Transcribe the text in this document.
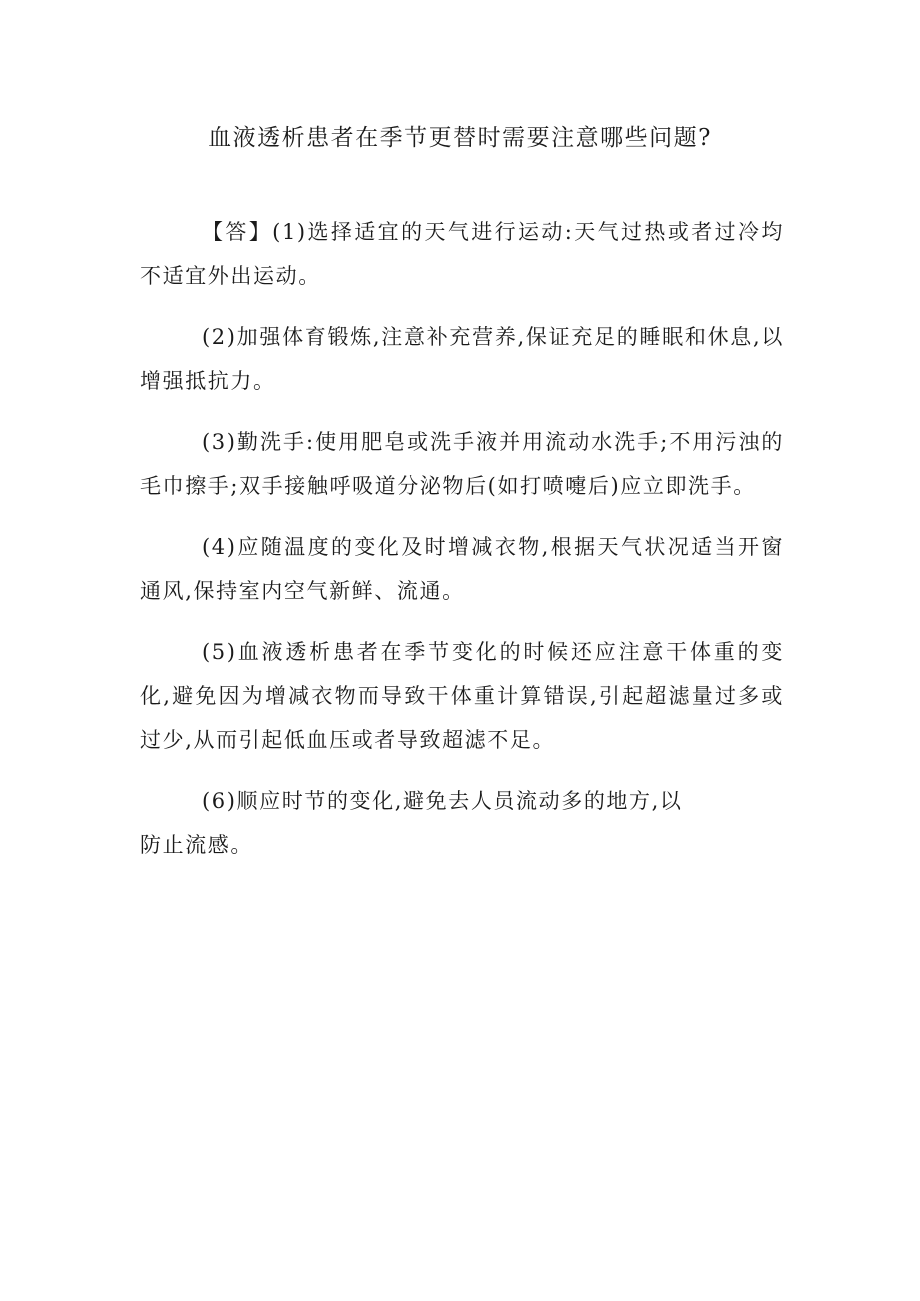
血液透析患者在季节更替时需要注意哪些问题?

【答】(1)选择适宜的天气进行运动:天气过热或者过冷均不适宜外出运动。

(2)加强体育锻炼,注意补充营养,保证充足的睡眠和休息,以增强抵抗力。

(3)勤洗手:使用肥皂或洗手液并用流动水洗手;不用污浊的毛巾擦手;双手接触呼吸道分泌物后(如打喷嚏后)应立即洗手。

(4)应随温度的变化及时增减衣物,根据天气状况适当开窗通风,保持室内空气新鲜、流通。

(5)血液透析患者在季节变化的时候还应注意干体重的变化,避免因为增减衣物而导致干体重计算错误,引起超滤量过多或过少,从而引起低血压或者导致超滤不足。

(6)顺应时节的变化,避免去人员流动多的地方,以

防止流感。
